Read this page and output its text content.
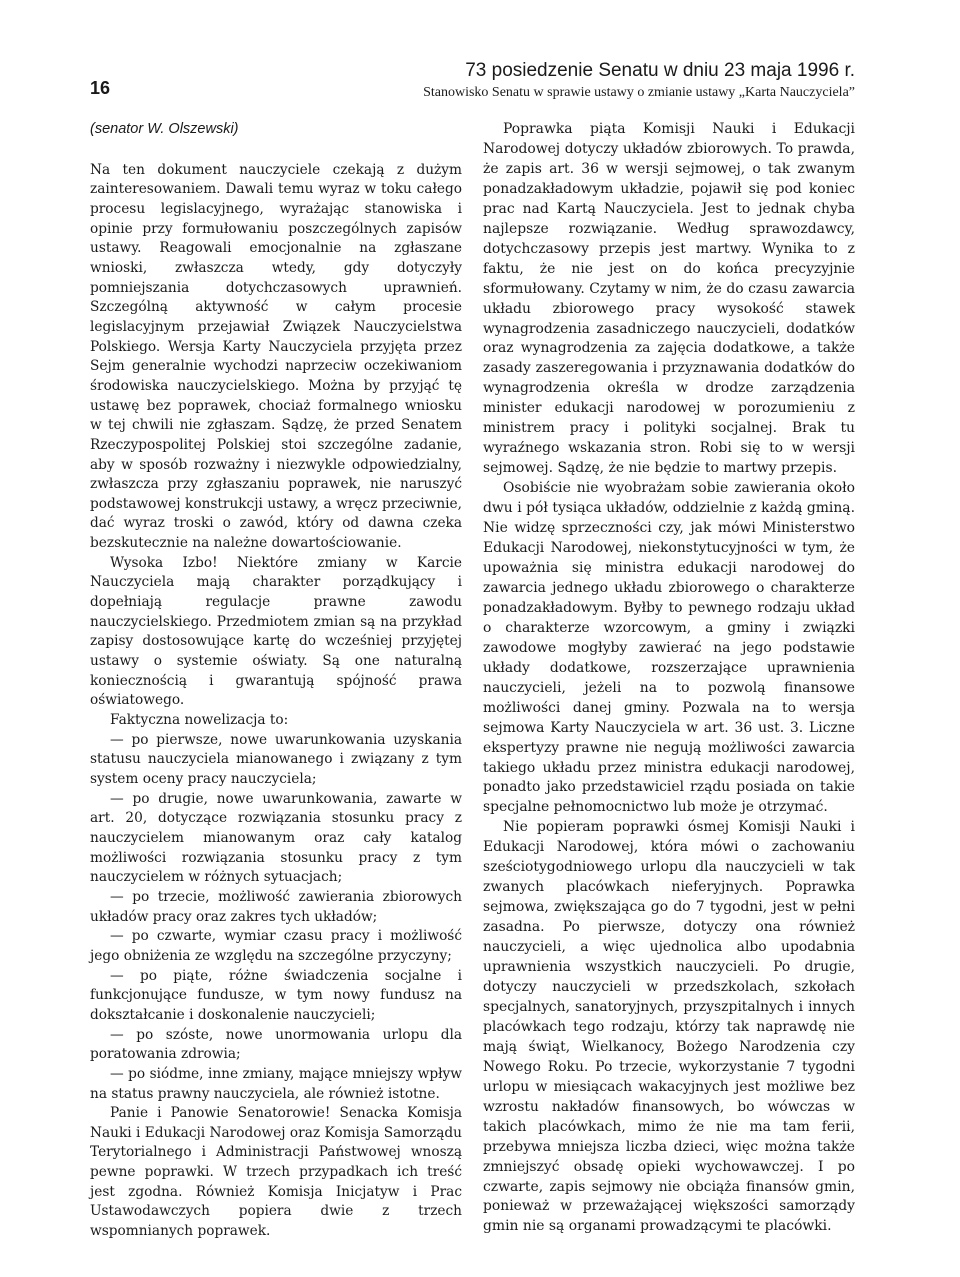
16
73 posiedzenie Senatu w dniu 23 maja 1996 r.
Stanowisko Senatu w sprawie ustawy o zmianie ustawy „Karta Nauczyciela”

(senator W. Olszewski)

Na ten dokument nauczyciele czekają z dużym zainteresowaniem. Dawali temu wyraz w toku całego procesu legislacyjnego, wyrażając stanowiska i opinie przy formułowaniu poszczególnych zapisów ustawy. Reagowali emocjonalnie na zgłaszane wnioski, zwłaszcza wtedy, gdy dotyczyły pomniejszania dotychczasowych uprawnień. Szczególną aktywność w całym procesie legislacyjnym przejawiał Związek Nauczycielstwa Polskiego. Wersja Karty Nauczyciela przyjęta przez Sejm generalnie wychodzi naprzeciw oczekiwaniom środowiska nauczycielskiego. Można by przyjąć tę ustawę bez poprawek, chociaż formalnego wniosku w tej chwili nie zgłaszam. Sądzę, że przed Senatem Rzeczypospolitej Polskiej stoi szczególne zadanie, aby w sposób rozważny i niezwykle odpowiedzialny, zwłaszcza przy zgłaszaniu poprawek, nie naruszyć podstawowej konstrukcji ustawy, a wręcz przeciwnie, dać wyraz troski o zawód, który od dawna czeka bezskutecznie na należne dowartościowanie.

Wysoka Izbo! Niektóre zmiany w Karcie Nauczyciela mają charakter porządkujący i dopełniają regulacje prawne zawodu nauczycielskiego. Przedmiotem zmian są na przykład zapisy dostosowujące kartę do wcześniej przyjętej ustawy o systemie oświaty. Są one naturalną koniecznością i gwarantują spójność prawa oświatowego.

Faktyczna nowelizacja to:

— po pierwsze, nowe uwarunkowania uzyskania statusu nauczyciela mianowanego i związany z tym system oceny pracy nauczyciela;

— po drugie, nowe uwarunkowania, zawarte w art. 20, dotyczące rozwiązania stosunku pracy z nauczycielem mianowanym oraz cały katalog możliwości rozwiązania stosunku pracy z tym nauczycielem w różnych sytuacjach;

— po trzecie, możliwość zawierania zbiorowych układów pracy oraz zakres tych układów;

— po czwarte, wymiar czasu pracy i możliwość jego obniżenia ze względu na szczególne przyczyny;

— po piąte, różne świadczenia socjalne i funkcjonujące fundusze, w tym nowy fundusz na dokształcanie i doskonalenie nauczycieli;

— po szóste, nowe unormowania urlopu dla poratowania zdrowia;

— po siódme, inne zmiany, mające mniejszy wpływ na status prawny nauczyciela, ale również istotne.

Panie i Panowie Senatorowie! Senacka Komisja Nauki i Edukacji Narodowej oraz Komisja Samorządu Terytorialnego i Administracji Państwowej wnoszą pewne poprawki. W trzech przypadkach ich treść jest zgodna. Również Komisja Inicjatyw i Prac Ustawodawczych popiera dwie z trzech wspomnianych poprawek.

Poprawka piąta Komisji Nauki i Edukacji Narodowej dotyczy układów zbiorowych. To prawda, że zapis art. 36 w wersji sejmowej, o tak zwanym ponadzakładowym układzie, pojawił się pod koniec prac nad Kartą Nauczyciela. Jest to jednak chyba najlepsze rozwiązanie. Według sprawozdawcy, dotychczasowy przepis jest martwy. Wynika to z faktu, że nie jest on do końca precyzyjnie sformułowany. Czytamy w nim, że do czasu zawarcia układu zbiorowego pracy wysokość stawek wynagrodzenia zasadniczego nauczycieli, dodatków oraz wynagrodzenia za zajęcia dodatkowe, a także zasady zaszeregowania i przyznawania dodatków do wynagrodzenia określa w drodze zarządzenia minister edukacji narodowej w porozumieniu z ministrem pracy i polityki socjalnej. Brak tu wyraźnego wskazania stron. Robi się to w wersji sejmowej. Sądzę, że nie będzie to martwy przepis.

Osobiście nie wyobrażam sobie zawierania około dwu i pół tysiąca układów, oddzielnie z każdą gminą. Nie widzę sprzeczności czy, jak mówi Ministerstwo Edukacji Narodowej, niekonstytucyjności w tym, że upoważnia się ministra edukacji narodowej do zawarcia jednego układu zbiorowego o charakterze ponadzakładowym. Byłby to pewnego rodzaju układ o charakterze wzorcowym, a gminy i związki zawodowe mogłyby zawierać na jego podstawie układy dodatkowe, rozszerzające uprawnienia nauczycieli, jeżeli na to pozwolą finansowe możliwości danej gminy. Pozwala na to wersja sejmowa Karty Nauczyciela w art. 36 ust. 3. Liczne ekspertyzy prawne nie negują możliwości zawarcia takiego układu przez ministra edukacji narodowej, ponadto jako przedstawiciel rządu posiada on takie specjalne pełnomocnictwo lub może je otrzymać.

Nie popieram poprawki ósmej Komisji Nauki i Edukacji Narodowej, która mówi o zachowaniu sześciotygodniowego urlopu dla nauczycieli w tak zwanych placówkach nieferyjnych. Poprawka sejmowa, zwiększająca go do 7 tygodni, jest w pełni zasadna. Po pierwsze, dotyczy ona również nauczycieli, a więc ujednolica albo upodabnia uprawnienia wszystkich nauczycieli. Po drugie, dotyczy nauczycieli w przedszkolach, szkołach specjalnych, sanatoryjnych, przyszpitalnych i innych placówkach tego rodzaju, którzy tak naprawdę nie mają świąt, Wielkanocy, Bożego Narodzenia czy Nowego Roku. Po trzecie, wykorzystanie 7 tygodni urlopu w miesiącach wakacyjnych jest możliwe bez wzrostu nakładów finansowych, bo wówczas w takich placówkach, mimo że nie ma tam ferii, przebywa mniejsza liczba dzieci, więc można także zmniejszyć obsadę opieki wychowawczej. I po czwarte, zapis sejmowy nie obciąża finansów gmin, ponieważ w przeważającej większości samorządy gmin nie są organami prowadzącymi te placówki.
